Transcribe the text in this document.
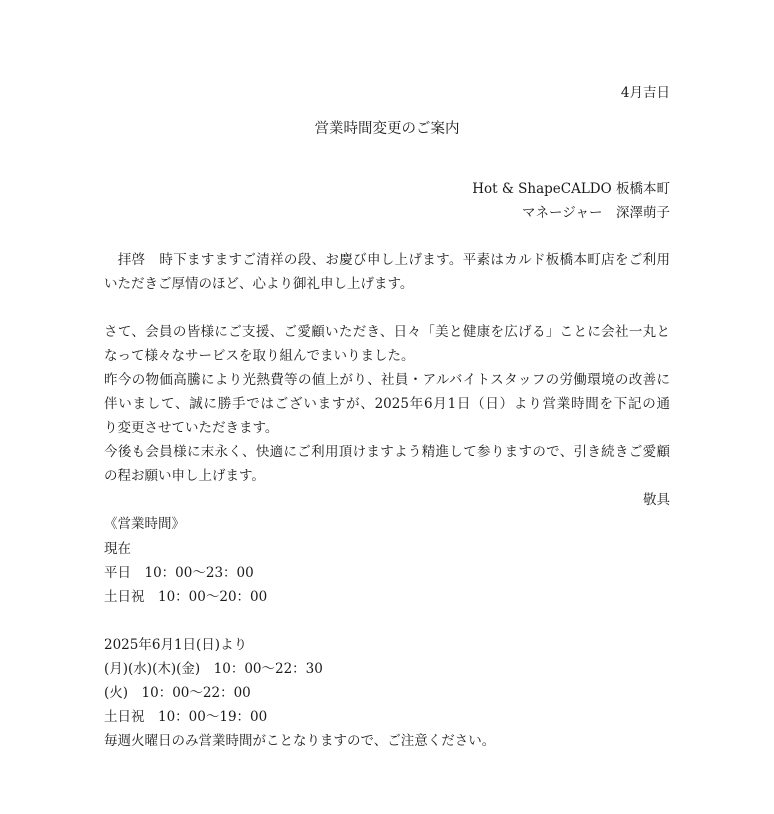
4月吉日
営業時間変更のご案内
Hot & ShapeCALDO 板橋本町
マネージャー　深澤萌子
　拝啓　時下ますますご清祥の段、お慶び申し上げます。平素はカルド板橋本町店をご利用
いただきご厚情のほど、心より御礼申し上げます。
さて、会員の皆様にご支援、ご愛顧いただき、日々「美と健康を広げる」ことに会社一丸と
なって様々なサービスを取り組んでまいりました。
昨今の物価高騰により光熱費等の値上がり、社員・アルバイトスタッフの労働環境の改善に
伴いまして、誠に勝手ではございますが、2025年6月1日（日）より営業時間を下記の通
り変更させていただきます。
今後も会員様に末永く、快適にご利用頂けますよう精進して参りますので、引き続きご愛顧
の程お願い申し上げます。
敬具
《営業時間》
現在
平日　10：00〜23：00
土日祝　10：00〜20：00
2025年6月1日(日)より
(月)(水)(木)(金)　10：00〜22：30
(火)　10：00〜22：00
土日祝　10：00〜19：00
毎週火曜日のみ営業時間がことなりますので、ご注意ください。
